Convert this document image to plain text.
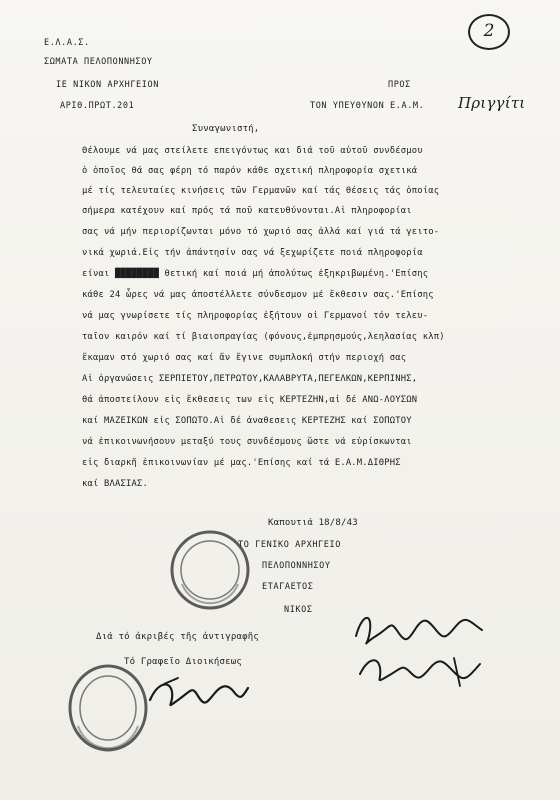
2
Ε.Λ.Α.Σ.
ΣΩΜΑΤΑ ΠΕΛΟΠΟΝΝΗΣΟΥ
ΙΕ ΝΙΚΟΝ ΑΡΧΗΓΕΙΟΝ
ΑΡΙΘ.ΠΡΩΤ.201
ΠΡΟΣ
ΤΟΝ ΥΠΕΥΘΥΝΟΝ Ε.Α.Μ. Πριγγίτι
Συναγωνιστή,
Θέλουμε νά μας στείλετε επειγόντως και διά τοῦ αὐτοῦ συνδέσμου
ὁ ὁποῖος θά σας φέρη τό παρόν κάθε σχετική πληροφορία σχετικά
μέ τίς τελευταίες κινήσεις τῶν Γερμανῶν καί τάς θέσεις τάς ὁποίας
σήμερα κατέχουν καί πρός τά ποῦ κατευθύνονται.Αἱ πληροφορίαι
σας νά μήν περιορίζωνται μόνο τό χωριό σας ἀλλά καί γιά τά γειτο-
νικά χωριά.Εἰς τήν ἀπάντησίν σας νά ξεχωρίζετε ποιά πληροφορία
είναι ████████ θετική καί ποιά μή ἀπολύτως ἐξηκριβωμένη.'Επίσης
κάθε 24 ὧρες νά μας ἀποστέλλετε σύνδεσμον μέ ἔκθεσιν σας.'Επίσης
νά μας γνωρίσετε τίς πληροφορίας ἐξήτουν οἱ Γερμανοί τόν τελευ-
ταῖον καιρόν καί τί βιαιοπραγίας (φόνους,ἐμπρησμούς,λεηλασίας κλπ)
ἔκαμαν στό χωριό σας καί ἄν ἔγινε συμπλοκή στήν περιοχή σας
Αἱ ὀργανώσεις ΣΕΡΠΙΕΤΟΥ,ΠΕΤΡΩΤΟΥ,ΚΑΛΑΒΡΥΤΑ,ΠΕΓΕΛΚΩΝ,ΚΕΡΠΙΝΗΣ,
θά ἀποστείλουν εἰς ἔκθεσεις των εἰς ΚΕΡΤΕΖΗΝ,αἱ δέ ΑΝΩ-ΛΟΥΣΩΝ
καί ΜΑΖΕΙΚΩΝ εἰς ΣΟΠΩΤΟ.Αἱ δέ ἀναθεσεις ΚΕΡΤΕΖΗΣ καί ΣΟΠΩΤΟΥ
νά ἐπικοινωνήσουν μεταξύ τους συνδέσμους ὥστε νά εὑρίσκωνται
εἰς διαρκῆ ἐπικοινωνίαν μέ μας.'Επίσης καί τά Ε.Α.Μ.ΔΙΘΡΗΣ
καί ΒΛΑΣΙΑΣ.
Καπουτιά 18/8/43
ΤΟ ΓΕΝΙΚΟ ΑΡΧΗΓΕΙΟ
ΠΕΛΟΠΟΝΝΗΣΟΥ
ΕΤΑΓΑΕΤΟΣ
ΝΙΚΟΣ
Διά τό ἀκριβές τῆς ἀντιγραφῆς
Τό Γραφεῖο Διοικήσεως
